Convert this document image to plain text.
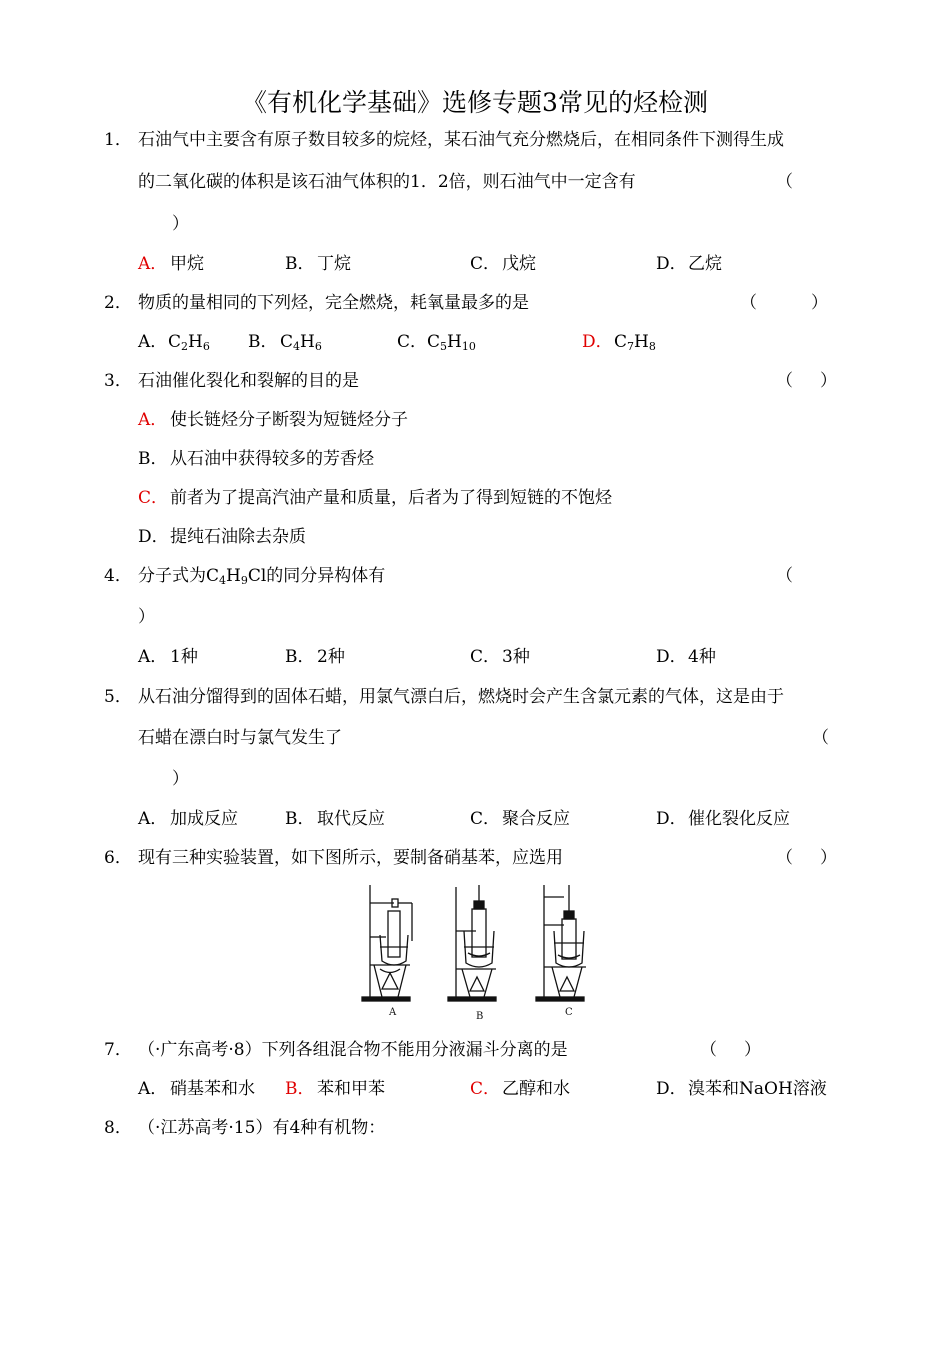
《有机化学基础》选修专题3常见的烃检测
1． 石油气中主要含有原子数目较多的烷烃，某石油气充分燃烧后，在相同条件下测得生成
的二氧化碳的体积是该石油气体积的1．2倍，则石油气中一定含有	（
）
A． 甲烷	B． 丁烷	C． 戊烷	D． 乙烷
2． 物质的量相同的下列烃，完全燃烧，耗氧量最多的是	（          ）
A． $C_2H_6$ B． $C_4H_6$	C． $C_5H_{10}$	D． $C_7H_8$
3． 石油催化裂化和裂解的目的是	（     ）
A． 使长链烃分子断裂为短链烃分子
B． 从石油中获得较多的芳香烃
C． 前者为了提高汽油产量和质量，后者为了得到短链的不饱烃
D． 提纯石油除去杂质
4． 分子式为$C_4H_9Cl$的同分异构体有	（
）
A． 1种	B． 2种	C． 3种	D． 4种
5． 从石油分馏得到的固体石蜡，用氯气漂白后，燃烧时会产生含氯元素的气体，这是由于
石蜡在漂白时与氯气发生了	（
）
A． 加成反应	B． 取代反应	C． 聚合反应	D． 催化裂化反应
6． 现有三种实验装置，如下图所示，要制备硝基苯，应选用	（     ）
A	B	C
7． （·广东高考·8）下列各组混合物不能用分液漏斗分离的是	（     ）
A． 硝基苯和水 B． 苯和甲苯	C． 乙醇和水	D． 溴苯和NaOH溶液
8． （·江苏高考·15）有4种有机物：
